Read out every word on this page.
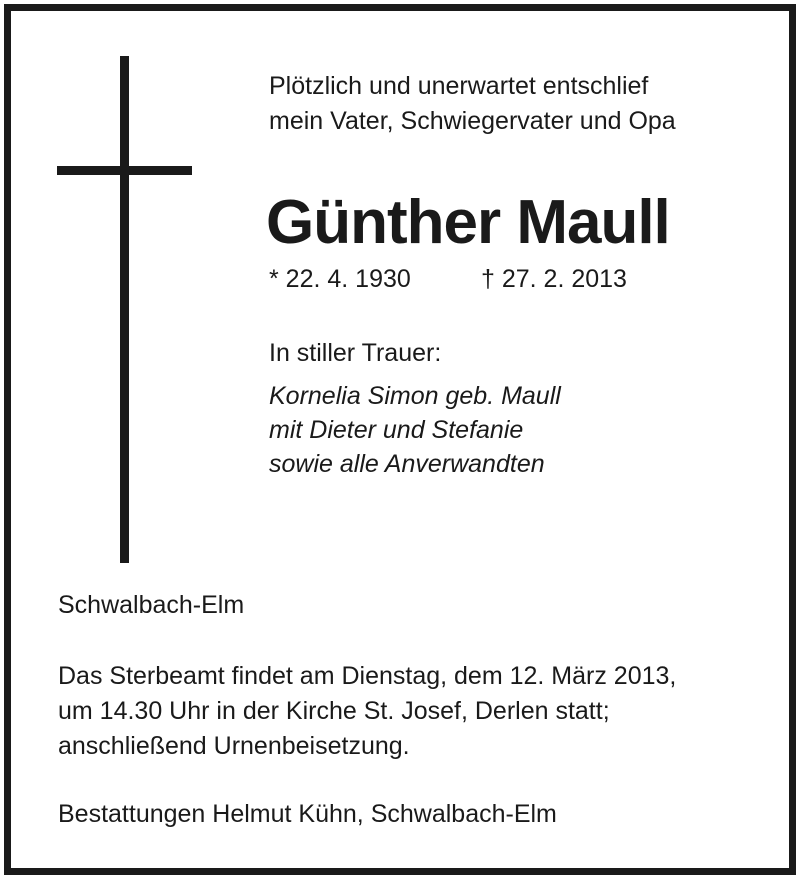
Plötzlich und unerwartet entschlief
mein Vater, Schwiegervater und Opa
Günther Maull
* 22. 4. 1930	† 27. 2. 2013
In stiller Trauer:
Kornelia Simon geb. Maull
mit Dieter und Stefanie
sowie alle Anverwandten
Schwalbach-Elm
Das Sterbeamt findet am Dienstag, dem 12. März 2013,
um 14.30 Uhr in der Kirche St. Josef, Derlen statt;
anschließend Urnenbeisetzung.
Bestattungen Helmut Kühn, Schwalbach-Elm
